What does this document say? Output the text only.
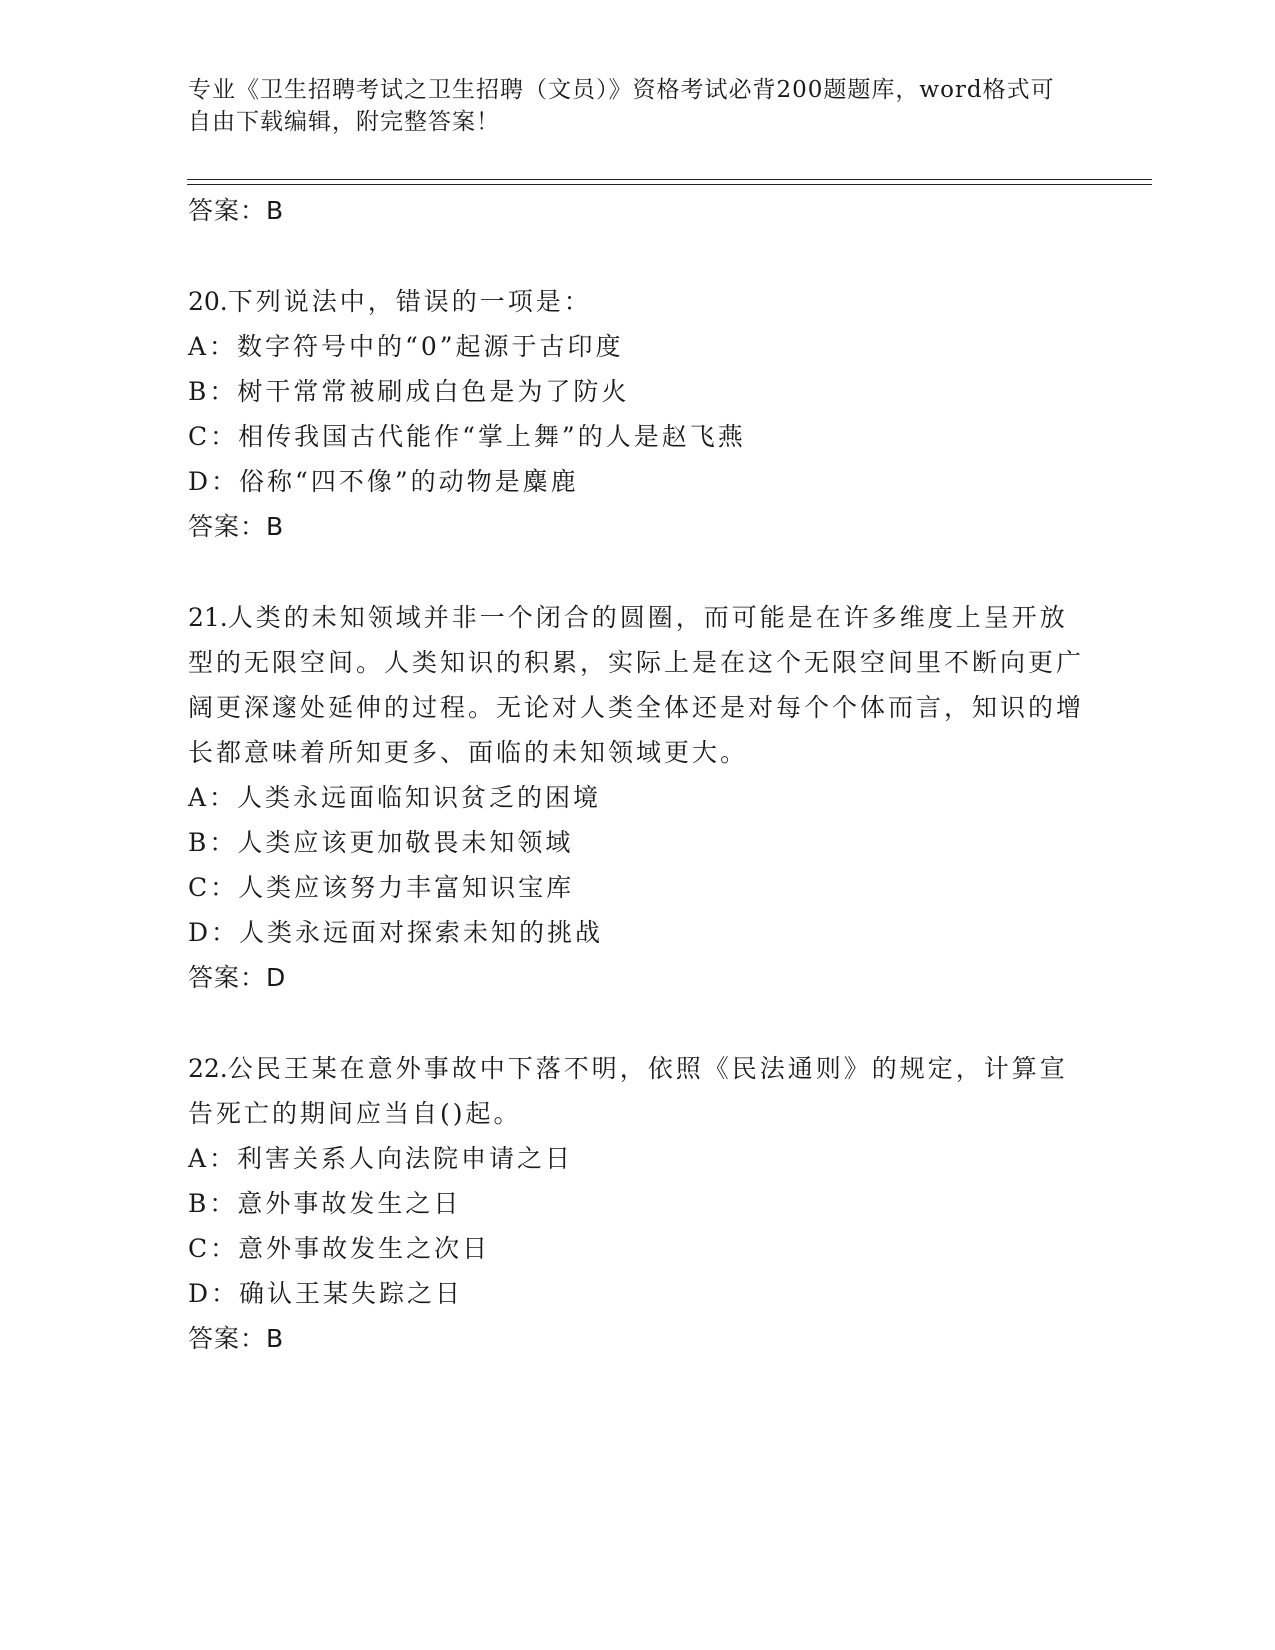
专业《卫生招聘考试之卫生招聘（文员）》资格考试必背200题题库，word格式可自由下载编辑，附完整答案！
答案：B
20.下列说法中，错误的一项是：
A：数字符号中的“0”起源于古印度
B：树干常常被刷成白色是为了防火
C：相传我国古代能作“掌上舞”的人是赵飞燕
D：俗称“四不像”的动物是麋鹿
答案：B
21.人类的未知领域并非一个闭合的圆圈，而可能是在许多维度上呈开放型的无限空间。人类知识的积累，实际上是在这个无限空间里不断向更广阔更深邃处延伸的过程。无论对人类全体还是对每个个体而言，知识的增长都意味着所知更多、面临的未知领域更大。
A：人类永远面临知识贫乏的困境
B：人类应该更加敬畏未知领域
C：人类应该努力丰富知识宝库
D：人类永远面对探索未知的挑战
答案：D
22.公民王某在意外事故中下落不明，依照《民法通则》的规定，计算宣告死亡的期间应当自()起。
A：利害关系人向法院申请之日
B：意外事故发生之日
C：意外事故发生之次日
D：确认王某失踪之日
答案：B
